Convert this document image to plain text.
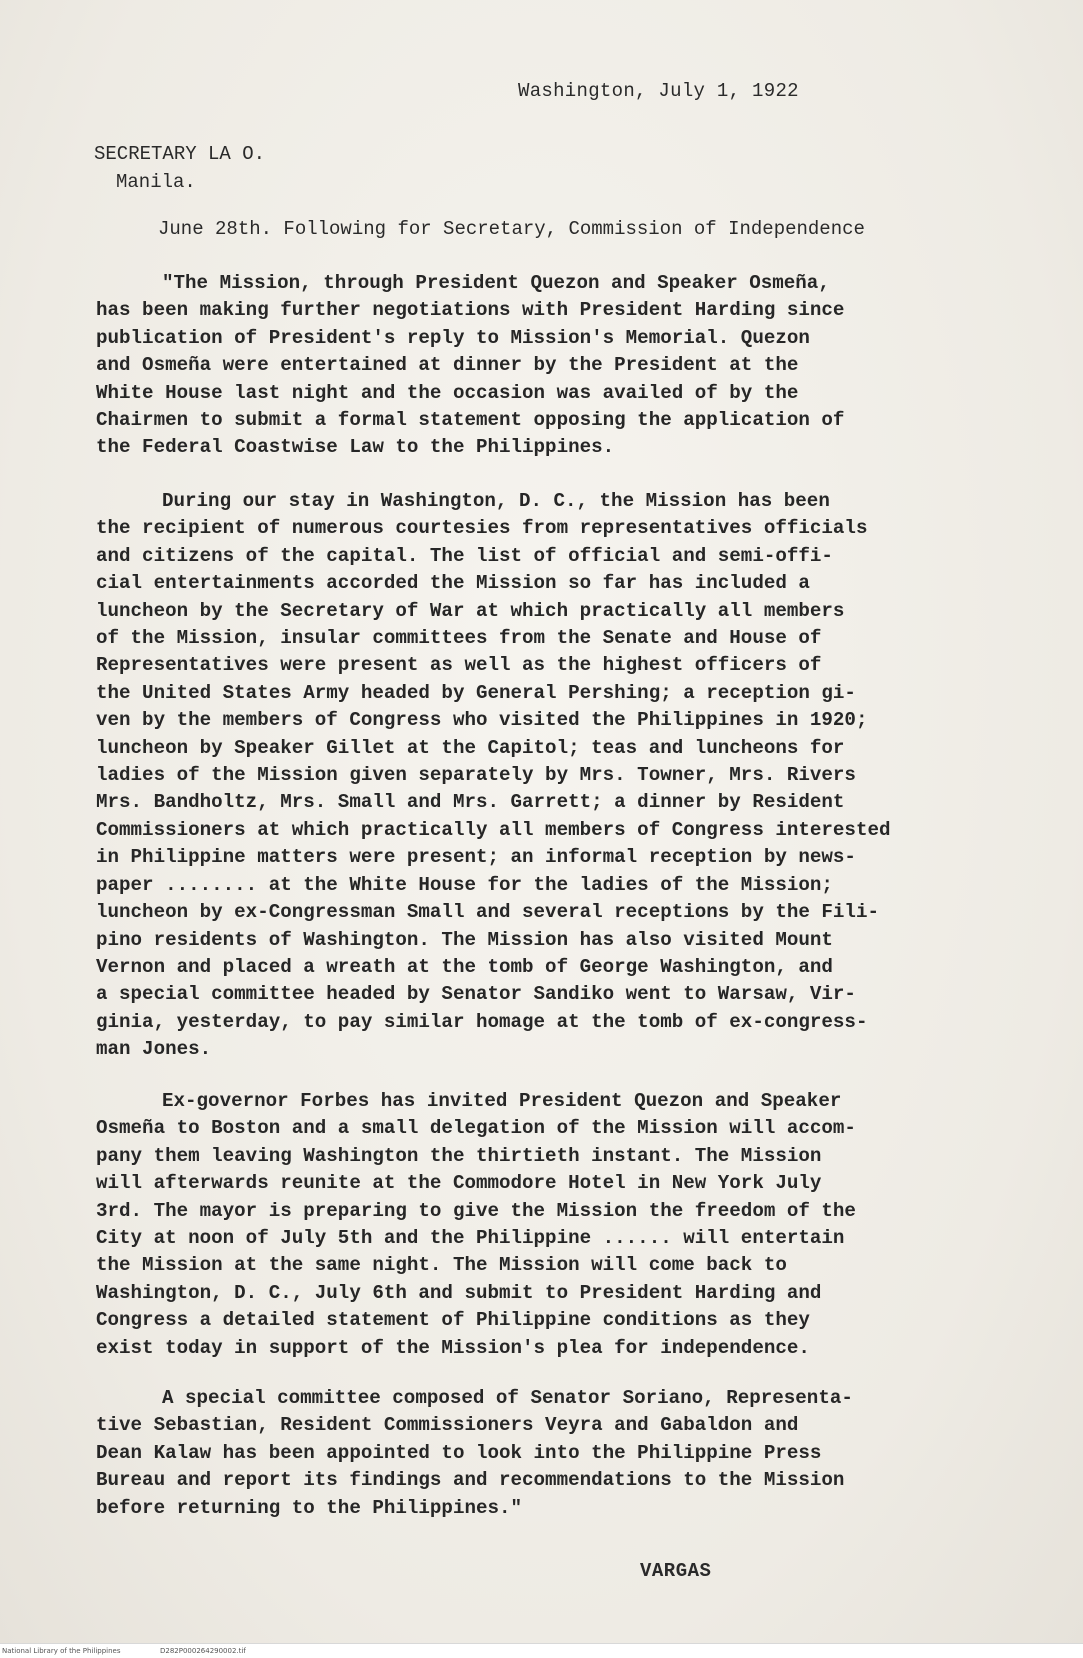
Washington, July 1, 1922
SECRETARY LA O.
Manila.
June 28th. Following for Secretary, Commission of Independence
"The Mission, through President Quezon and Speaker Osmeña,
has been making further negotiations with President Harding since
publication of President's reply to Mission's Memorial. Quezon
and Osmeña were entertained at dinner by the President at the
White House last night and the occasion was availed of by the
Chairmen to submit a formal statement opposing the application of
the Federal Coastwise Law to the Philippines.
During our stay in Washington, D. C., the Mission has been
the recipient of numerous courtesies from representatives officials
and citizens of the capital. The list of official and semi-offi-
cial entertainments accorded the Mission so far has included a
luncheon by the Secretary of War at which practically all members
of the Mission, insular committees from the Senate and House of
Representatives were present as well as the highest officers of
the United States Army headed by General Pershing; a reception gi-
ven by the members of Congress who visited the Philippines in 1920;
luncheon by Speaker Gillet at the Capitol; teas and luncheons for
ladies of the Mission given separately by Mrs. Towner, Mrs. Rivers
Mrs. Bandholtz, Mrs. Small and Mrs. Garrett; a dinner by Resident
Commissioners at which practically all members of Congress interested
in Philippine matters were present; an informal reception by news-
paper ........ at the White House for the ladies of the Mission;
luncheon by ex-Congressman Small and several receptions by the Fili-
pino residents of Washington. The Mission has also visited Mount
Vernon and placed a wreath at the tomb of George Washington, and
a special committee headed by Senator Sandiko went to Warsaw, Vir-
ginia, yesterday, to pay similar homage at the tomb of ex-congress-
man Jones.
Ex-governor Forbes has invited President Quezon and Speaker
Osmeña to Boston and a small delegation of the Mission will accom-
pany them leaving Washington the thirtieth instant. The Mission
will afterwards reunite at the Commodore Hotel in New York July
3rd. The mayor is preparing to give the Mission the freedom of the
City at noon of July 5th and the Philippine ...... will entertain
the Mission at the same night. The Mission will come back to
Washington, D. C., July 6th and submit to President Harding and
Congress a detailed statement of Philippine conditions as they
exist today in support of the Mission's plea for independence.
A special committee composed of Senator Soriano, Representa-
tive Sebastian, Resident Commissioners Veyra and Gabaldon and
Dean Kalaw has been appointed to look into the Philippine Press
Bureau and report its findings and recommendations to the Mission
before returning to the Philippines."
VARGAS
National Library of the Philippines	D282P000264290002.tif
